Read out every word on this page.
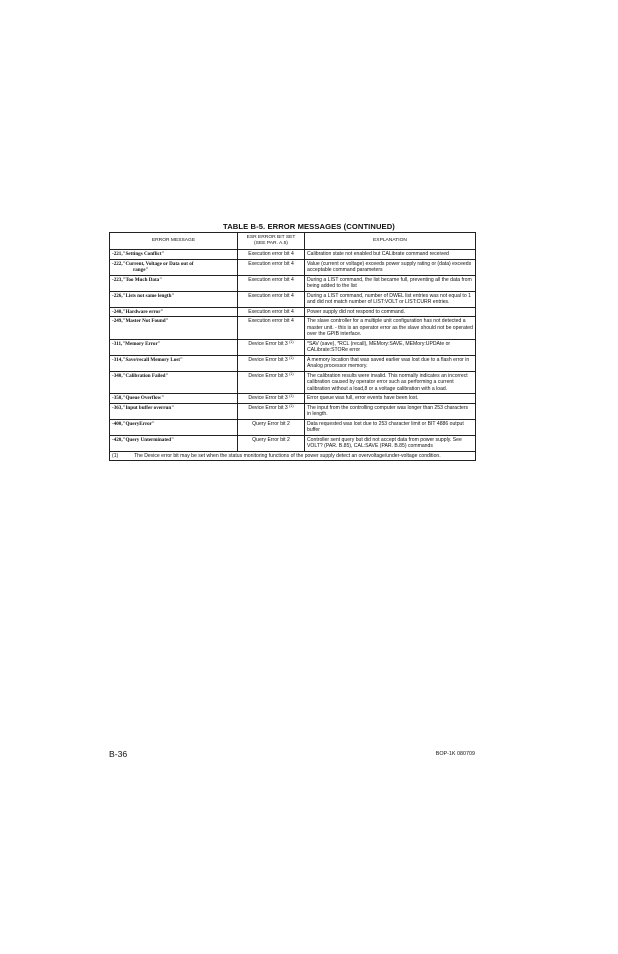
TABLE B-5. ERROR MESSAGES (CONTINUED)
ERROR MESSAGE	ESR ERROR BIT SET
(SEE PAR. A.5)	EXPLANATION
-221,"Settings Conflict"	Execution error bit 4	Calibration state not enabled but CALibrate command received
-222,"Current, Voltage or Data out of
range"	Execution error bit 4	Value (current or voltage) exceeds power supply rating or (data) exceeds acceptable command parameters
-223,"Too Much Data"	Execution error bit 4	During a LIST command, the list became full, preventing all the data from being added to the list
-226,"Lists not same length"	Execution error bit 4	During a LIST command, number of DWEL list entries was not equal to 1 and did not match number of LIST:VOLT or LIST:CURR entries.
-240,"Hardware error"	Execution error bit 4	Power supply did not respond to command.
-249,"Master Not Found"	Execution error bit 4	The slave controller for a multiple unit configuration has not detected a master unit. - this is an operator error as the slave should not be operated over the GPIB interface.
-311,"Memory Error"	Device Error bit 3 $^{(1)}$	*SAV (save), *RCL (recall), MEMory:SAVE, MEMory:UPDAte or CALibrate:STORe error
-314,"Save/recall Memory Lost"	Device Error bit 3 $^{(1)}$	A memory location that was saved earlier was lost due to a flash error in Analog processor memory.
-340,"Calibration Failed"	Device Error bit 3 $^{(1)}$	The calibration results were invalid. This normally indicates an incorrect calibration caused by operator error such as performing a current calibration without a load,8 or a voltage calibration with a load.
-350,"Queue Overflow"	Device Error bit 3 $^{(1)}$	Error queue was full, error events have been lost.
-363,"Input buffer overrun"	Device Error bit 3 $^{(1)}$	The input from the controlling computer was longer than 253 characters in length.
-400,"QueryError"	Query Error bit 2	Data requested was lost due to 253 character limit or BIT 4886 output buffer
-420,"Query Unterminated"	Query Error bit 2	Controller sent query but did not accept data from power supply. See VOLT? (PAR. B.85), CAL:SAVE (PAR. B.85) commands

(1) The Device error bit may be set when the status monitoring functions of the power supply detect an overvoltage/under-voltage condition.		
B-36	BOP-1K 080709
